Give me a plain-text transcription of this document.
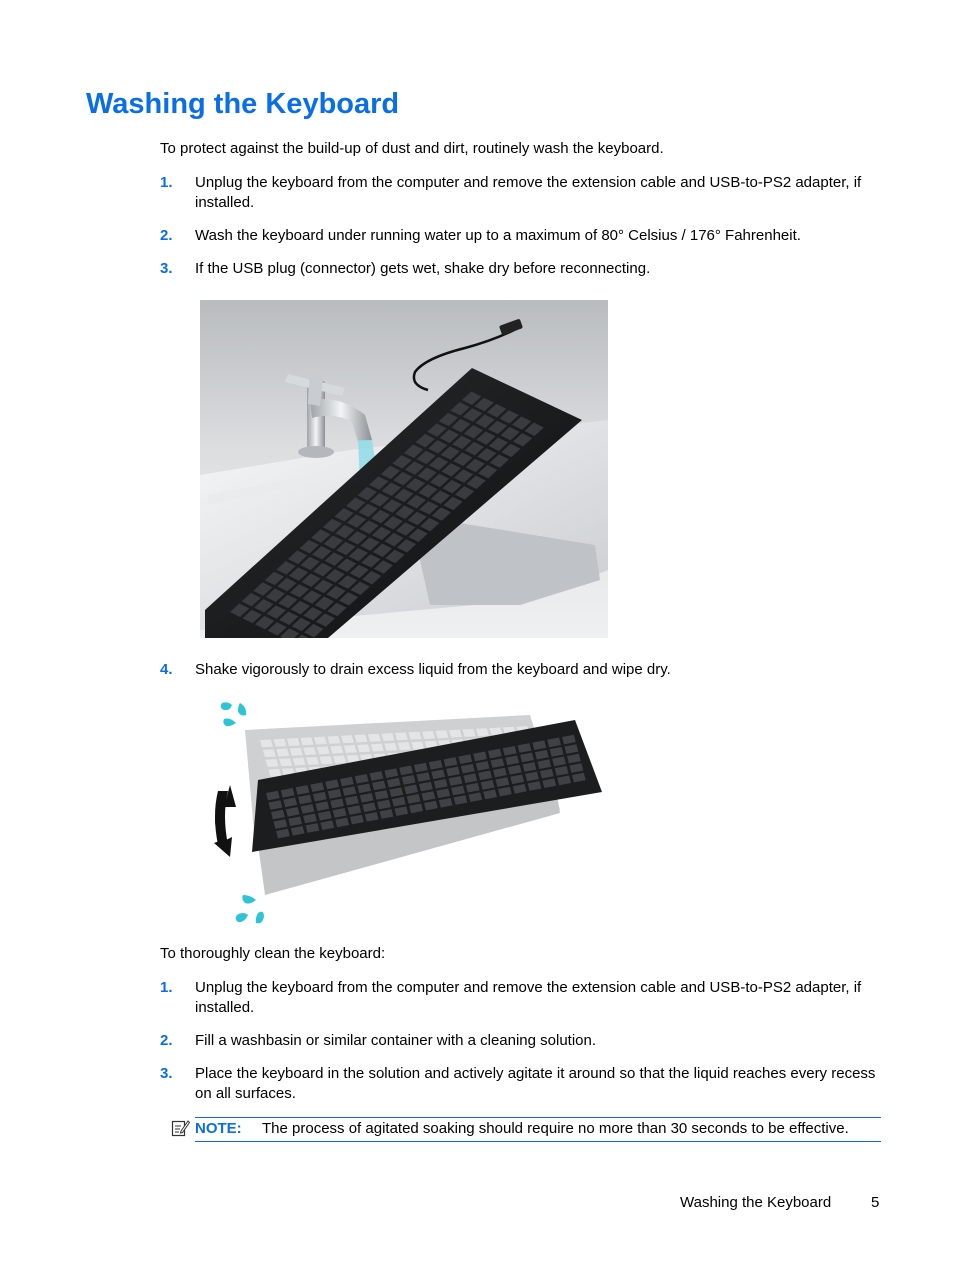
Washing the Keyboard

To protect against the build-up of dust and dirt, routinely wash the keyboard.

1. Unplug the keyboard from the computer and remove the extension cable and USB-to-PS2 adapter, if installed.
2. Wash the keyboard under running water up to a maximum of 80° Celsius / 176° Fahrenheit.
3. If the USB plug (connector) gets wet, shake dry before reconnecting.
4. Shake vigorously to drain excess liquid from the keyboard and wipe dry.

To thoroughly clean the keyboard:

1. Unplug the keyboard from the computer and remove the extension cable and USB-to-PS2 adapter, if installed.
2. Fill a washbasin or similar container with a cleaning solution.
3. Place the keyboard in the solution and actively agitate it around so that the liquid reaches every recess on all surfaces.
NOTE: The process of agitated soaking should require no more than 30 seconds to be effective.
Washing the Keyboard	5
